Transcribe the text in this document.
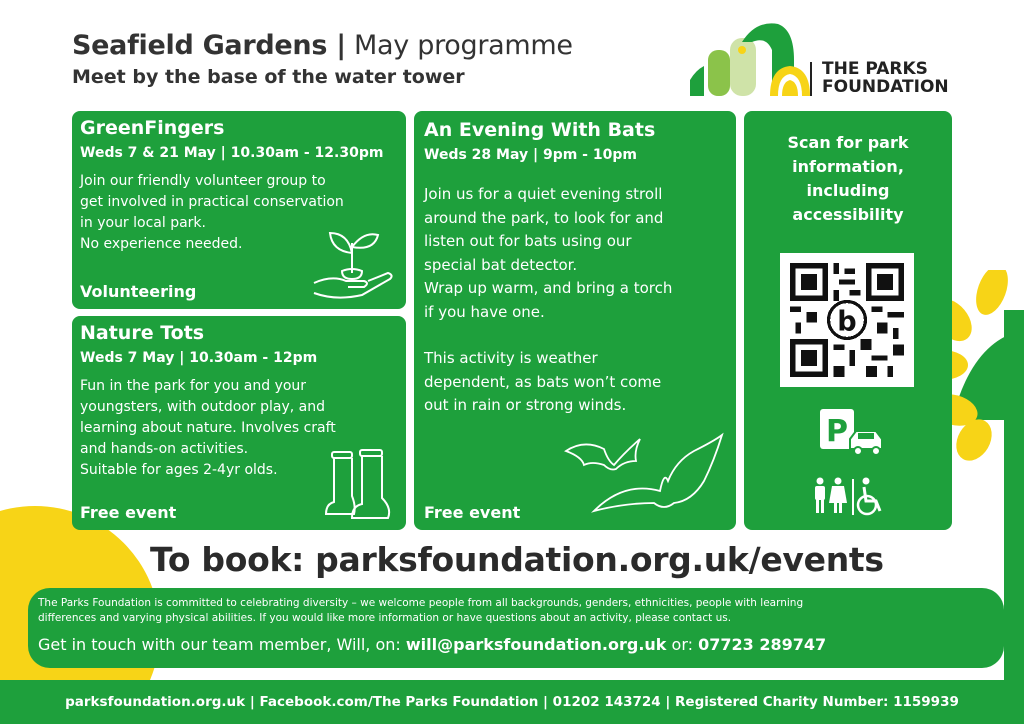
Seafield Gardens | May programme
Meet by the base of the water tower	THE PARKS
FOUNDATION
GreenFingers
Weds 7 & 21 May | 10.30am - 12.30pm

Join our friendly volunteer group to
get involved in practical conservation
in your local park.
No experience needed.

Volunteering
Nature Tots
Weds 7 May | 10.30am - 12pm

Fun in the park for you and your
youngsters, with outdoor play, and
learning about nature. Involves craft
and hands-on activities.
Suitable for ages 2-4yr olds.

Free event
An Evening With Bats
Weds 28 May | 9pm - 10pm

Join us for a quiet evening stroll
around the park, to look for and
listen out for bats using our
special bat detector.
Wrap up warm, and bring a torch
if you have one.

This activity is weather
dependent, as bats won’t come
out in rain or strong winds.

Free event
Scan for park
information,
including
accessibility
b
P
To book: parksfoundation.org.uk/events
The Parks Foundation is committed to celebrating diversity – we welcome people from all backgrounds, genders, ethnicities, people with learning
differences and varying physical abilities. If you would like more information or have questions about an activity, please contact us.
Get in touch with our team member, Will, on: will@parksfoundation.org.uk or: 07723 289747
parksfoundation.org.uk | Facebook.com/The Parks Foundation | 01202 143724 | Registered Charity Number: 1159939
